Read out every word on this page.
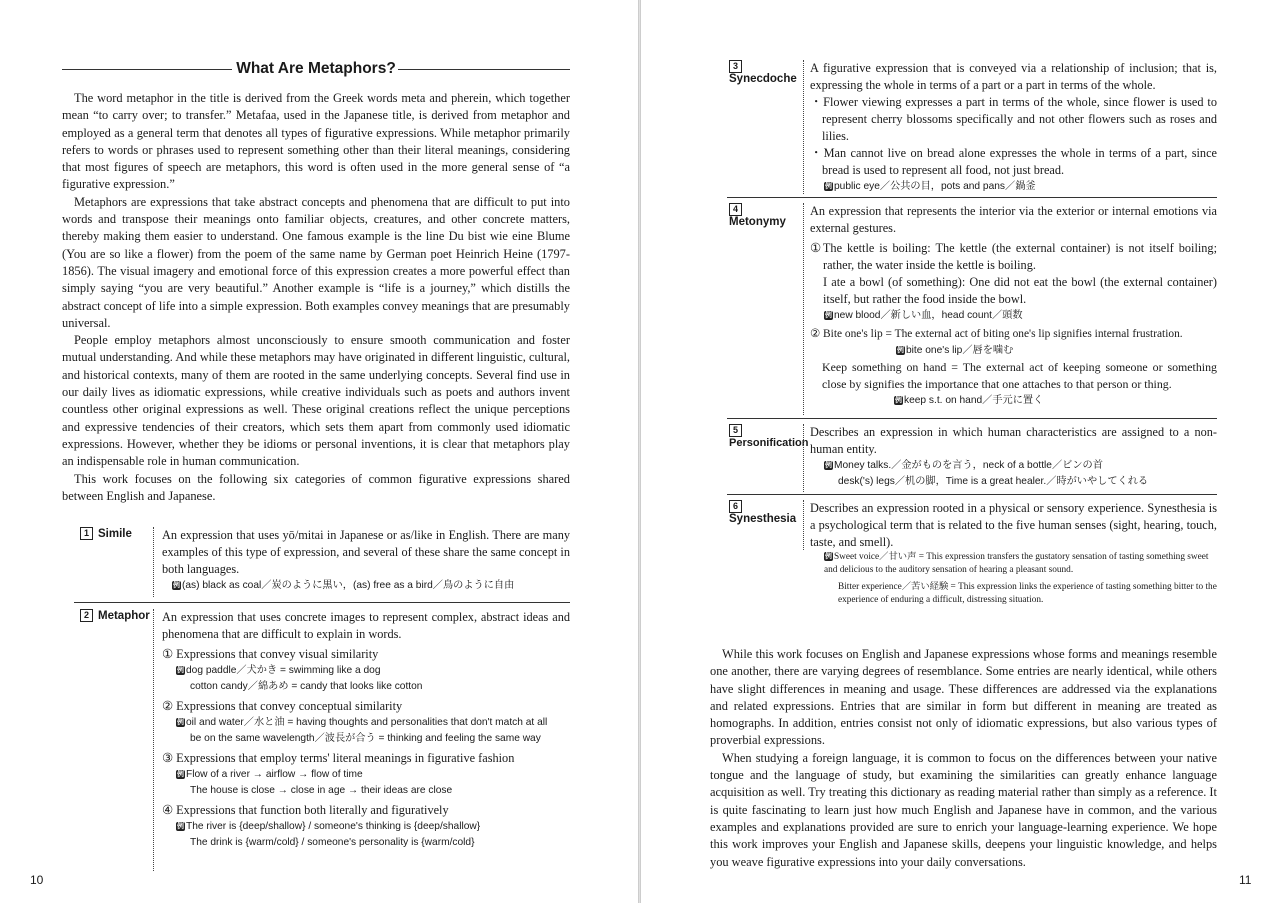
What Are Metaphors?

The word metaphor in the title is derived from the Greek words meta and pherein, which together mean “to carry over; to transfer.” Metafaa, used in the Japanese title, is derived from metaphor and employed as a general term that denotes all types of figurative expressions. While metaphor primarily refers to words or phrases used to represent something other than their literal meanings, considering that most figures of speech are metaphors, this word is often used in the more general sense of “a figurative expression.”

Metaphors are expressions that take abstract concepts and phenomena that are difficult to put into words and transpose their meanings onto familiar objects, creatures, and other concrete matters, thereby making them easier to understand. One famous example is the line Du bist wie eine Blume (You are so like a flower) from the poem of the same name by German poet Heinrich Heine (1797-1856). The visual imagery and emotional force of this expression creates a more powerful effect than simply saying “you are very beautiful.” Another example is “life is a journey,” which distills the abstract concept of life into a simple expression. Both examples convey meanings that are presumably universal.

People employ metaphors almost unconsciously to ensure smooth communication and foster mutual understanding. And while these metaphors may have originated in different linguistic, cultural, and historical contexts, many of them are rooted in the same underlying concepts. Several find use in our daily lives as idiomatic expressions, while creative individuals such as poets and authors invent countless other original expressions as well. These original creations reflect the unique perceptions and expressive tendencies of their creators, which sets them apart from commonly used idiomatic expressions. However, whether they be idioms or personal inventions, it is clear that metaphors play an indispensable role in human communication.

This work focuses on the following six categories of common figurative expressions shared between English and Japanese.

1 Simile An expression that uses yō/mitai in Japanese or as/like in English. There are many examples of this type of expression, and several of these share the same concept in both languages.
例 (as) black as coal／炭のように黒い，(as) free as a bird／鳥のように自由
2 Metaphor An expression that uses concrete images to represent complex, abstract ideas and phenomena that are difficult to explain in words.
① Expressions that convey visual similarity
例 dog paddle／犬かき = swimming like a dog
cotton candy／綿あめ = candy that looks like cotton
② Expressions that convey conceptual similarity
例 oil and water／水と油 = having thoughts and personalities that don't match at all
be on the same wavelength／波長が合う = thinking and feeling the same way
③ Expressions that employ terms' literal meanings in figurative fashion
例 Flow of a river → airflow → flow of time
The house is close → close in age → their ideas are close
④ Expressions that function both literally and figuratively
例 The river is {deep/shallow} / someone's thinking is {deep/shallow}
The drink is {warm/cold} / someone's personality is {warm/cold}
10
3
Synecdoche
A figurative expression that is conveyed via a relationship of inclusion; that is, expressing the whole in terms of a part or a part in terms of the whole.
・Flower viewing expresses a part in terms of the whole, since flower is used to represent cherry blossoms specifically and not other flowers such as roses and lilies.
・Man cannot live on bread alone expresses the whole in terms of a part, since bread is used to represent all food, not just bread.
例 public eye／公共の目，pots and pans／鍋釜
4
Metonymy
An expression that represents the interior via the exterior or internal emotions via external gestures.
①The kettle is boiling: The kettle (the external container) is not itself boiling; rather, the water inside the kettle is boiling.
I ate a bowl (of something): One did not eat the bowl (the external container) itself, but rather the food inside the bowl.
例 new blood／新しい血，head count／頭数
② Bite one's lip = The external act of biting one's lip signifies internal frustration.
例 bite one's lip／唇を噛む
Keep something on hand = The external act of keeping someone or something close by signifies the importance that one attaches to that person or thing.
例 keep s.t. on hand／手元に置く
5
Personification
Describes an expression in which human characteristics are assigned to a non-human entity.
例 Money talks.／金がものを言う，neck of a bottle／ビンの首
desk('s) legs／机の脚，Time is a great healer.／時がいやしてくれる
6
Synesthesia
Describes an expression rooted in a physical or sensory experience. Synesthesia is a psychological term that is related to the five human senses (sight, hearing, touch, taste, and smell).
例 Sweet voice／甘い声 = This expression transfers the gustatory sensation of tasting something sweet and delicious to the auditory sensation of hearing a pleasant sound.
Bitter experience／苦い経験 = This expression links the experience of tasting something bitter to the experience of enduring a difficult, distressing situation.

While this work focuses on English and Japanese expressions whose forms and meanings resemble one another, there are varying degrees of resemblance. Some entries are nearly identical, while others have slight differences in meaning and usage. These differences are addressed via the explanations and related expressions. Entries that are similar in form but different in meaning are treated as homographs. In addition, entries consist not only of idiomatic expressions, but also various types of proverbial expressions.

When studying a foreign language, it is common to focus on the differences between your native tongue and the language of study, but examining the similarities can greatly enhance language acquisition as well. Try treating this dictionary as reading material rather than simply as a reference. It is quite fascinating to learn just how much English and Japanese have in common, and the various examples and explanations provided are sure to enrich your language-learning experience. We hope this work improves your English and Japanese skills, deepens your linguistic knowledge, and helps you weave figurative expressions into your daily conversations.

11
